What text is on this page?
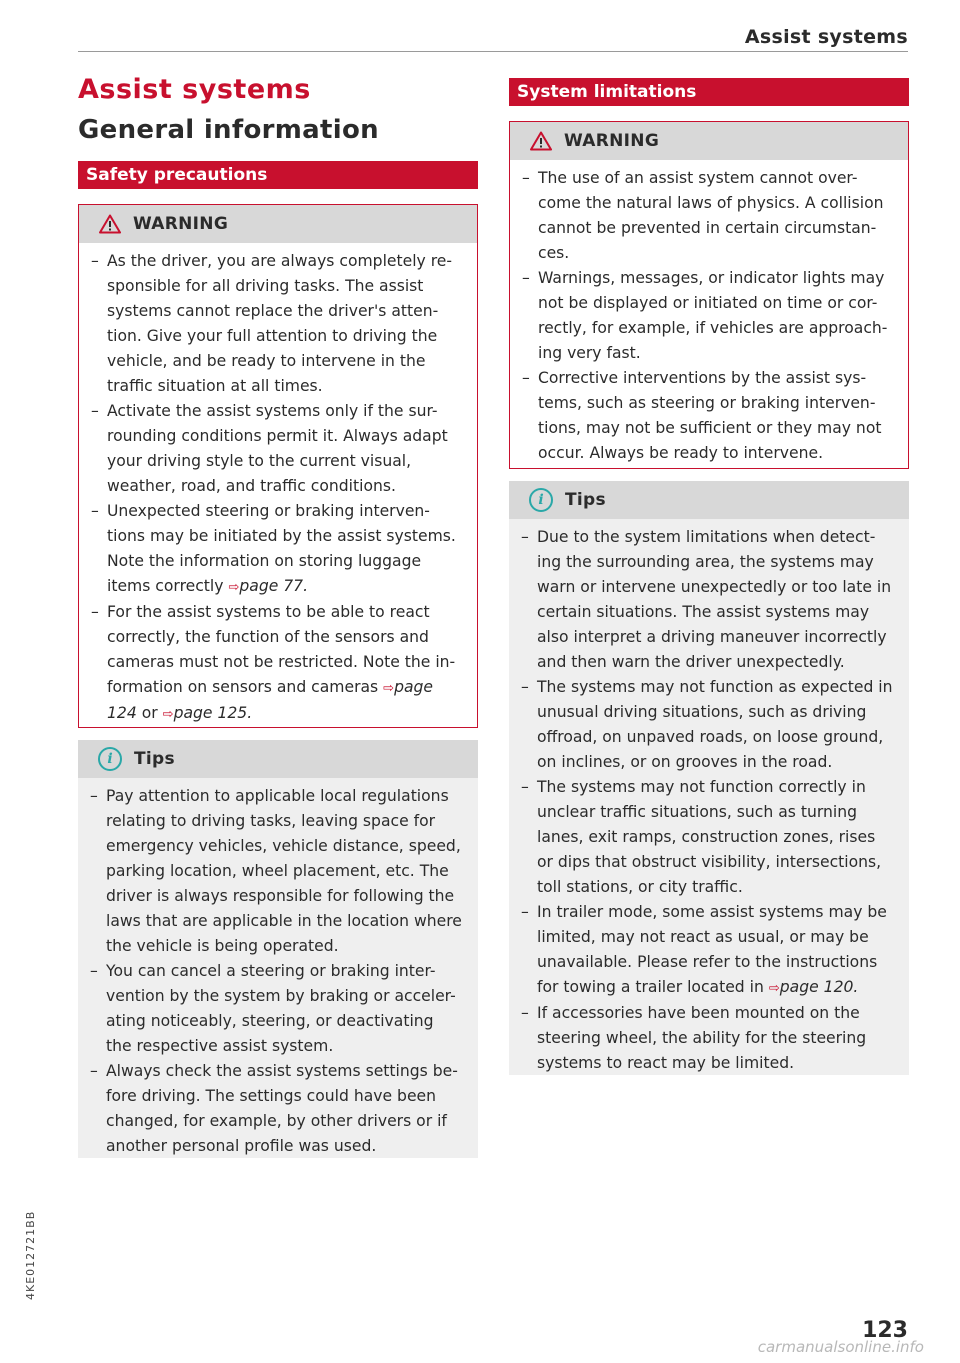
Assist systems
Assist systems
General information
Safety precautions
WARNING
– As the driver, you are always completely re-sponsible for all driving tasks. The assist systems cannot replace the driver's atten-tion. Give your full attention to driving the vehicle, and be ready to intervene in the traffic situation at all times.
– Activate the assist systems only if the sur-rounding conditions permit it. Always adapt your driving style to the current visual, weather, road, and traffic conditions.
– Unexpected steering or braking interven-tions may be initiated by the assist systems. Note the information on storing luggage items correctly ⇨page 77.
– For the assist systems to be able to react correctly, the function of the sensors and cameras must not be restricted. Note the in-formation on sensors and cameras ⇨page 124 or ⇨page 125.
i	Tips
– Pay attention to applicable local regulations relating to driving tasks, leaving space for emergency vehicles, vehicle distance, speed, parking location, wheel placement, etc. The driver is always responsible for following the laws that are applicable in the location where the vehicle is being operated.
– You can cancel a steering or braking inter-vention by the system by braking or acceler-ating noticeably, steering, or deactivating the respective assist system.
– Always check the assist systems settings be-fore driving. The settings could have been changed, for example, by other drivers or if another personal profile was used.
System limitations
WARNING
– The use of an assist system cannot over-come the natural laws of physics. A collision cannot be prevented in certain circumstan-ces.
– Warnings, messages, or indicator lights may not be displayed or initiated on time or cor-rectly, for example, if vehicles are approach-ing very fast.
– Corrective interventions by the assist sys-tems, such as steering or braking interven-tions, may not be sufficient or they may not occur. Always be ready to intervene.
i	Tips
– Due to the system limitations when detect-ing the surrounding area, the systems may warn or intervene unexpectedly or too late in certain situations. The assist systems may also interpret a driving maneuver incorrectly and then warn the driver unexpectedly.
– The systems may not function as expected in unusual driving situations, such as driving offroad, on unpaved roads, on loose ground, on inclines, or on grooves in the road.
– The systems may not function correctly in unclear traffic situations, such as turning lanes, exit ramps, construction zones, rises or dips that obstruct visibility, intersections, toll stations, or city traffic.
– In trailer mode, some assist systems may be limited, may not react as usual, or may be unavailable. Please refer to the instructions for towing a trailer located in ⇨page 120.
– If accessories have been mounted on the steering wheel, the ability for the steering systems to react may be limited.
4KE012721BB
123
carmanualsonline.info
